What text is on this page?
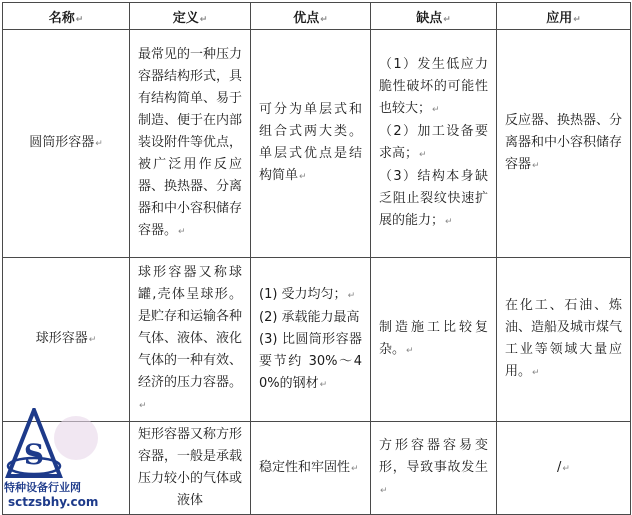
名称↵	定义↵	优点↵	缺点↵	应用↵
圆筒形容器↵	最常见的一种压力容器结构形式，具有结构简单、易于制造、便于在内部装设附件等优点，被广泛用作反应器、换热器、分离器和中小容积储存容器。↵	可分为单层式和组合式两大类。单层式优点是结构简单↵	（1）发生低应力脆性破坏的可能性也较大；↵
（2）加工设备要求高；↵
（3）结构本身缺乏阻止裂纹快速扩展的能力；↵	反应器、换热器、分离器和中小容积储存容器↵

球形容器↵	球形容器又称球罐,壳体呈球形。是贮存和运输各种气体、液体、液化气体的一种有效、经济的压力容器。↵	(1) 受力均匀；↵
(2) 承载能力最高
(3) 比圆筒形容器要节约 30%～40%的钢材↵	制造施工比较复杂。↵	在化工、石油、炼油、造船及城市煤气工业等领域大量应用。↵

	矩形容器又称方形容器，一般是承载压力较小的气体或液体	稳定性和牢固性↵	方形容器容易变形，导致事故发生↵	/↵
S
特种设备行业网
sctzsbhy.com
